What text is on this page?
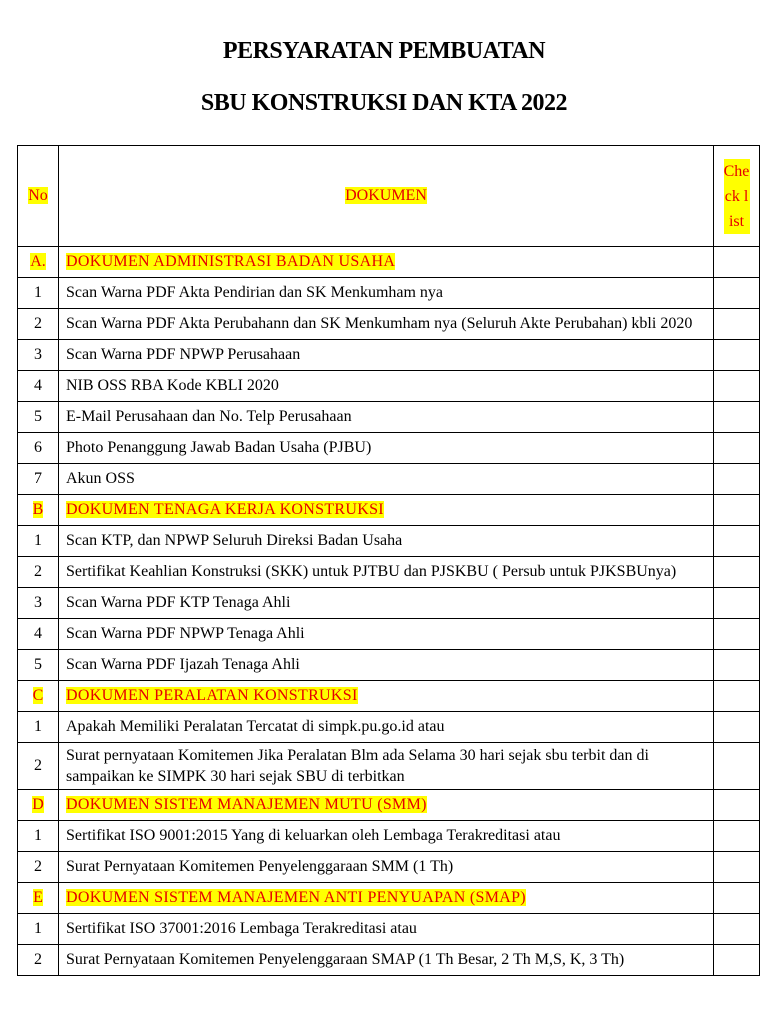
PERSYARATAN PEMBUATAN
SBU KONSTRUKSI DAN KTA 2022
No	DOKUMEN	Che ck list
A.	DOKUMEN ADMINISTRASI BADAN USAHA	
1	Scan Warna PDF Akta Pendirian dan SK Menkumham nya	
2	Scan Warna PDF Akta Perubahann dan SK Menkumham nya (Seluruh Akte Perubahan) kbli 2020	
3	Scan Warna PDF NPWP Perusahaan	
4	NIB OSS RBA Kode KBLI 2020	
5	E-Mail Perusahaan dan No. Telp Perusahaan	
6	Photo Penanggung Jawab Badan Usaha (PJBU)	
7	Akun OSS	
B	DOKUMEN TENAGA KERJA KONSTRUKSI	
1	Scan KTP, dan NPWP Seluruh Direksi Badan Usaha	
2	Sertifikat Keahlian Konstruksi (SKK) untuk PJTBU dan PJSKBU ( Persub untuk PJKSBUnya)	
3	Scan Warna PDF KTP Tenaga Ahli	
4	Scan Warna PDF NPWP Tenaga Ahli	
5	Scan Warna PDF Ijazah Tenaga Ahli	
C	DOKUMEN PERALATAN KONSTRUKSI	
1	Apakah Memiliki Peralatan Tercatat di simpk.pu.go.id atau	
2	Surat pernyataan Komitemen Jika Peralatan Blm ada Selama 30 hari sejak sbu terbit dan di sampaikan ke SIMPK 30 hari sejak SBU di terbitkan	
D	DOKUMEN SISTEM MANAJEMEN MUTU (SMM)	
1	Sertifikat ISO 9001:2015 Yang di keluarkan oleh Lembaga Terakreditasi atau	
2	Surat Pernyataan Komitemen Penyelenggaraan SMM (1 Th)	
E	DOKUMEN SISTEM MANAJEMEN ANTI PENYUAPAN (SMAP)	
1	Sertifikat ISO 37001:2016 Lembaga Terakreditasi atau	
2	Surat Pernyataan Komitemen Penyelenggaraan SMAP (1 Th Besar, 2 Th M,S, K, 3 Th)	
